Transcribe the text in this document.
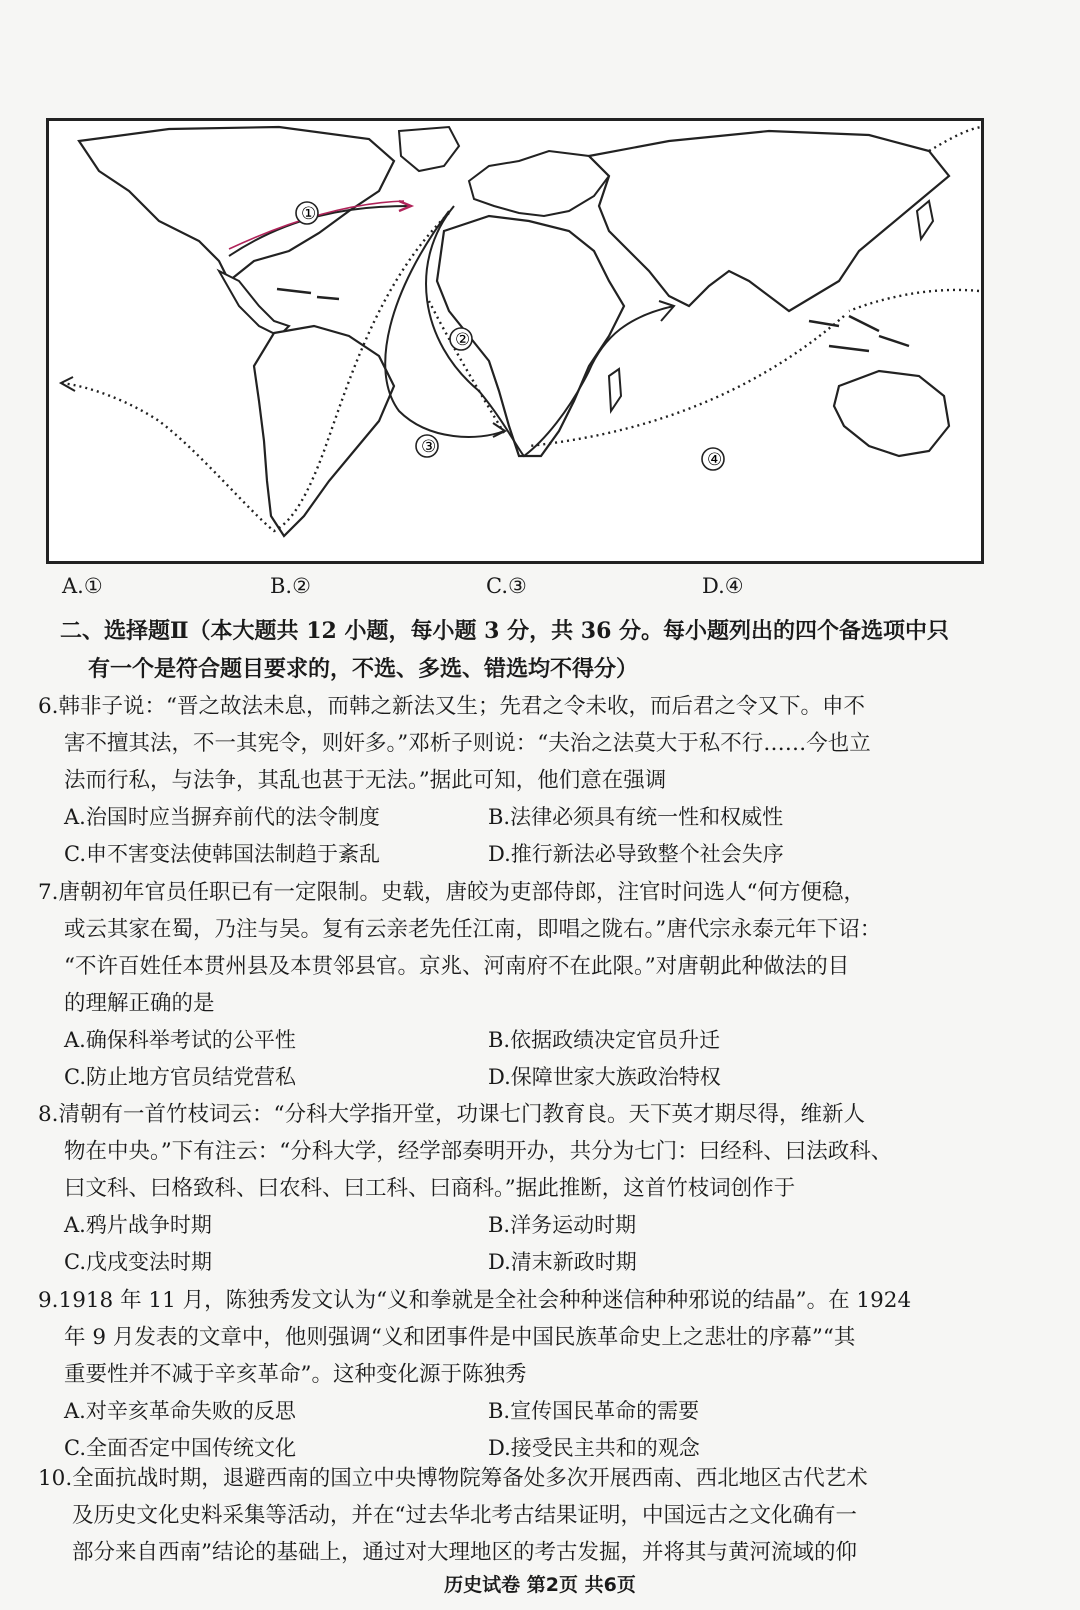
①
②
③
④
A.①	B.②	C.③	D.④
二、选择题Ⅱ（本大题共 12 小题，每小题 3 分，共 36 分。每小题列出的四个备选项中只
有一个是符合题目要求的，不选、多选、错选均不得分）
6.韩非子说：“晋之故法未息，而韩之新法又生；先君之令未收，而后君之令又下。申不
害不擅其法，不一其宪令，则奸多。”邓析子则说：“夫治之法莫大于私不行……今也立
法而行私，与法争，其乱也甚于无法。”据此可知，他们意在强调
A.治国时应当摒弃前代的法令制度	B.法律必须具有统一性和权威性
C.申不害变法使韩国法制趋于紊乱	D.推行新法必导致整个社会失序
7.唐朝初年官员任职已有一定限制。史载，唐皎为吏部侍郎，注官时问选人“何方便稳，
或云其家在蜀，乃注与吴。复有云亲老先任江南，即唱之陇右。”唐代宗永泰元年下诏：
“不许百姓任本贯州县及本贯邻县官。京兆、河南府不在此限。”对唐朝此种做法的目
的理解正确的是
A.确保科举考试的公平性	B.依据政绩决定官员升迁
C.防止地方官员结党营私	D.保障世家大族政治特权
8.清朝有一首竹枝词云：“分科大学指开堂，功课七门教育良。天下英才期尽得，维新人
物在中央。”下有注云：“分科大学，经学部奏明开办，共分为七门：曰经科、曰法政科、
曰文科、曰格致科、曰农科、曰工科、曰商科。”据此推断，这首竹枝词创作于
A.鸦片战争时期	B.洋务运动时期
C.戊戌变法时期	D.清末新政时期
9.1918 年 11 月，陈独秀发文认为“义和拳就是全社会种种迷信种种邪说的结晶”。在 1924
年 9 月发表的文章中，他则强调“义和团事件是中国民族革命史上之悲壮的序幕”“其
重要性并不减于辛亥革命”。这种变化源于陈独秀
A.对辛亥革命失败的反思	B.宣传国民革命的需要
C.全面否定中国传统文化	D.接受民主共和的观念
10.全面抗战时期，退避西南的国立中央博物院筹备处多次开展西南、西北地区古代艺术
及历史文化史料采集等活动，并在“过去华北考古结果证明，中国远古之文化确有一
部分来自西南”结论的基础上，通过对大理地区的考古发掘，并将其与黄河流域的仰
历史试卷 第2页 共6页
